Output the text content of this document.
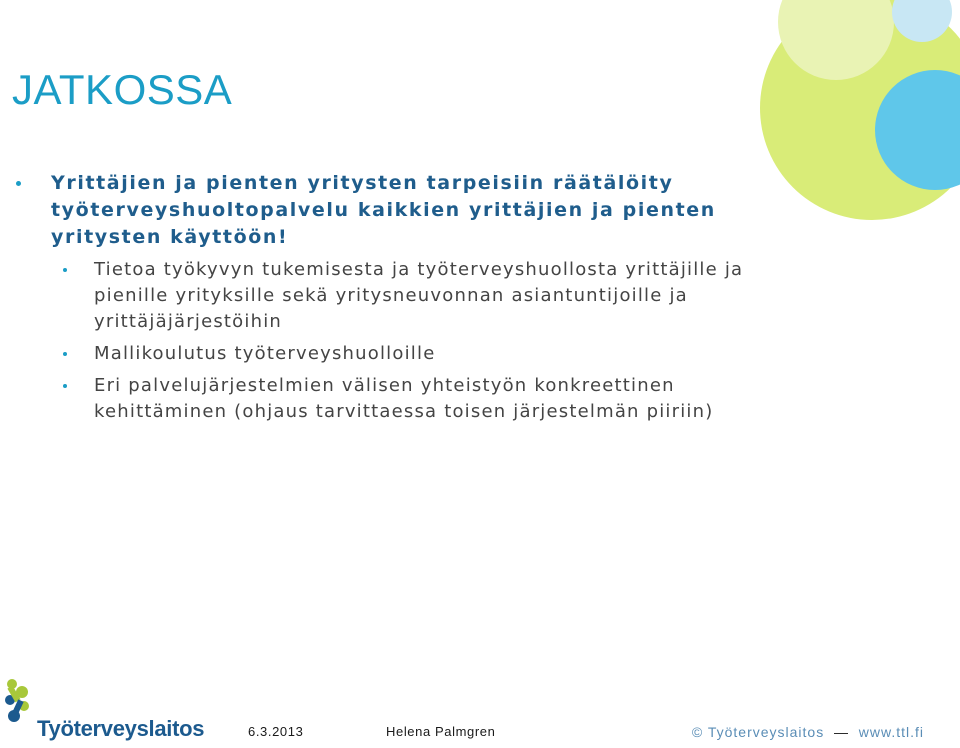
JATKOSSA
Yrittäjien ja pienten yritysten tarpeisiin räätälöity työterveyshuoltopalvelu kaikkien yrittäjien ja pienten yritysten käyttöön!
Tietoa työkyvyn tukemisesta ja työterveyshuollosta yrittäjille ja pienille yrityksille sekä yritysneuvonnan asiantuntijoille ja yrittäjäjärjestöihin
Mallikoulutus työterveyshuolloille
Eri palvelujärjestelmien välisen yhteistyön konkreettinen kehittäminen (ohjaus tarvittaessa toisen järjestelmän piiriin)
Työterveyslaitos	6.3.2013	Helena Palmgren	© Työterveyslaitos — www.ttl.fi
